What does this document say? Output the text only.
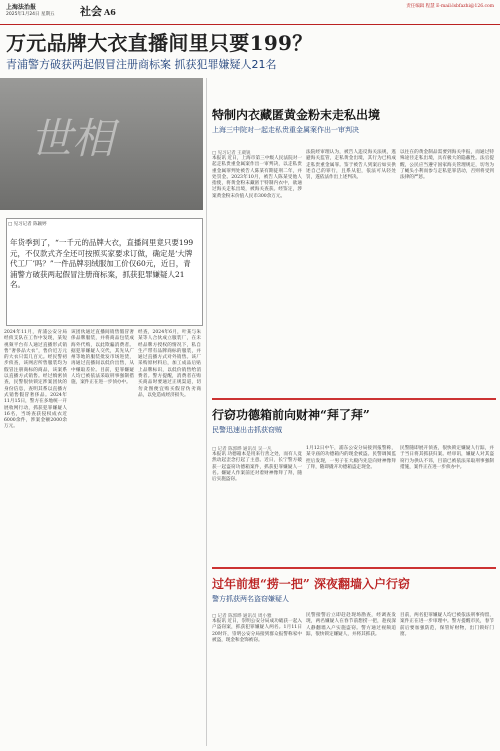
上海法治报
2025年1月24日 星期五 社会 A6
责任编辑 程慧 E-mail:lsbfazhi@126.com
万元品牌大衣直播间里只要199？

青浦警方破获两起假冒注册商标案 抓获犯罪嫌疑人21名

世相
□ 见习记者 陈颖婷
年货季到了，“一千元的品牌大衣，直播间里竟只要199元，不仅款式齐全还可按照买家要求订做，确定是‘大牌代工厂’吗？”一件品牌羽绒服加工价仅60元，近日，青浦警方破获两起假冒注册商标案，抓获犯罪嫌疑人21名。

2024年11月，青浦公安分局经侦支队在工作中发现，某短视频平台有人通过直播形式销售“奢侈品大衣”，售价近万元的大衣只需几百元。经民警初步侦查，该网店所售服装均为假冒注册商标的商品，该案系以直播方式销售。经过缜密侦查，民警很快锁定涉案团伙的身份信息，查明其系以直播方式销售假冒奢侈品。2024年11月15日，警方在多地统一开展收网行动，抓获犯罪嫌疑人16名，当场查获侵权成衣近6000余件，涉案金额2000余万元。

该团伙通过直播间销售假冒奢侈品牌服装，并将商品包装成海外代购，以此欺骗消费者。据犯罪嫌疑人交代，其先从广州等地的服装批发市场进货，再通过直播间以低价出售，从中赚取差价。目前，犯罪嫌疑人均已被依法采取刑事强制措施，案件正在进一步侦办中。

经查，2024年6月，叶某与朱某等人合伙成立服装厂，在未经品牌方授权的情况下，私自生产带有品牌商标的服装，并通过直播方式对外销售。该厂采购原材料后，加工成品后贴上品牌标识，以低价销售给消费者。警方提醒，消费者在购买商品时要通过正规渠道，切勿贪图便宜购买假冒伪劣商品，以免造成经济损失。

特制内衣藏匿黄金粉末走私出境

上海三中院对一起走私贵重金属案作出一审判决

□ 见习记者 王葳锐

本报讯 近日，上海市第三中级人民法院对一起走私贵重金属案作出一审判决，以走私贵重金属罪判处被告人陈某有期徒刑二年，并处罚金。2023年10月，被告人陈某受他人指使，将黄金粉末藏匿于特制内衣中，欲通过海关走私出境，被海关查获。经鉴定，涉案黄金粉末价值人民币300余万元。

法院经审理认为，被告人违反海关法规，逃避海关监管，走私黄金出境，其行为已构成走私贵重金属罪。鉴于被告人到案后如实供述自己的罪行，且系从犯，依法可从轻处罚，遂依法作出上述判决。

以往在的黄金制品需要到海关申报，而通过特殊途径走私出境，具有极大的隐蔽性。法官提醒，公民应当遵守国家海关管理规定，切勿为了蝇头小利而参与走私犯罪活动，否则将受到法律的严惩。

行窃功德箱前向财神“拜了拜”

民警迅速出击抓获窃贼

□ 记者 陈郭晔 通讯员 吴一凡

本报讯 功德箱本是用来行善之处，而有人竟然动起歪念打起了主意。近日，长宁警方破获一起盗窃功德箱案件，抓获犯罪嫌疑人一名。嫌疑人作案前还对着财神像拜了拜，随后实施盗窃。

1月12日中午，浦东公安分局接到报警称，某寺庙的功德箱内的现金被盗。民警调阅监控后发现，一男子在大殿内先是向财神像拜了拜，随即撬开功德箱盗走现金。

民警随即展开侦查，很快锁定嫌疑人行踪，并于当日将其抓获归案。经审讯，嫌疑人对其盗窃行为供认不讳，目前已被依法采取刑事强制措施，案件正在进一步侦办中。

过年前想“捞一把” 深夜翻墙入户行窃

警方抓获两名盗窃嫌疑人

□ 记者 陈郭晔 通讯员 周小雅

本报讯 近日，崇明公安分局成功破获一起入户盗窃案，抓获犯罪嫌疑人两名。1月11日20时许，崇明公安分局接到群众报警称家中被盗，现金和金饰被窃。

民警接警后立即赶赴现场勘查，经调查发现，两名嫌疑人在春节前想捞一把，趁夜深人静翻墙入户实施盗窃。警方通过视频追踪，很快锁定嫌疑人，并将其抓获。

目前，两名犯罪嫌疑人均已被依法刑事拘留，案件正在进一步审理中。警方提醒市民，春节前后要加强防范，保管好财物，出门锁好门窗。
